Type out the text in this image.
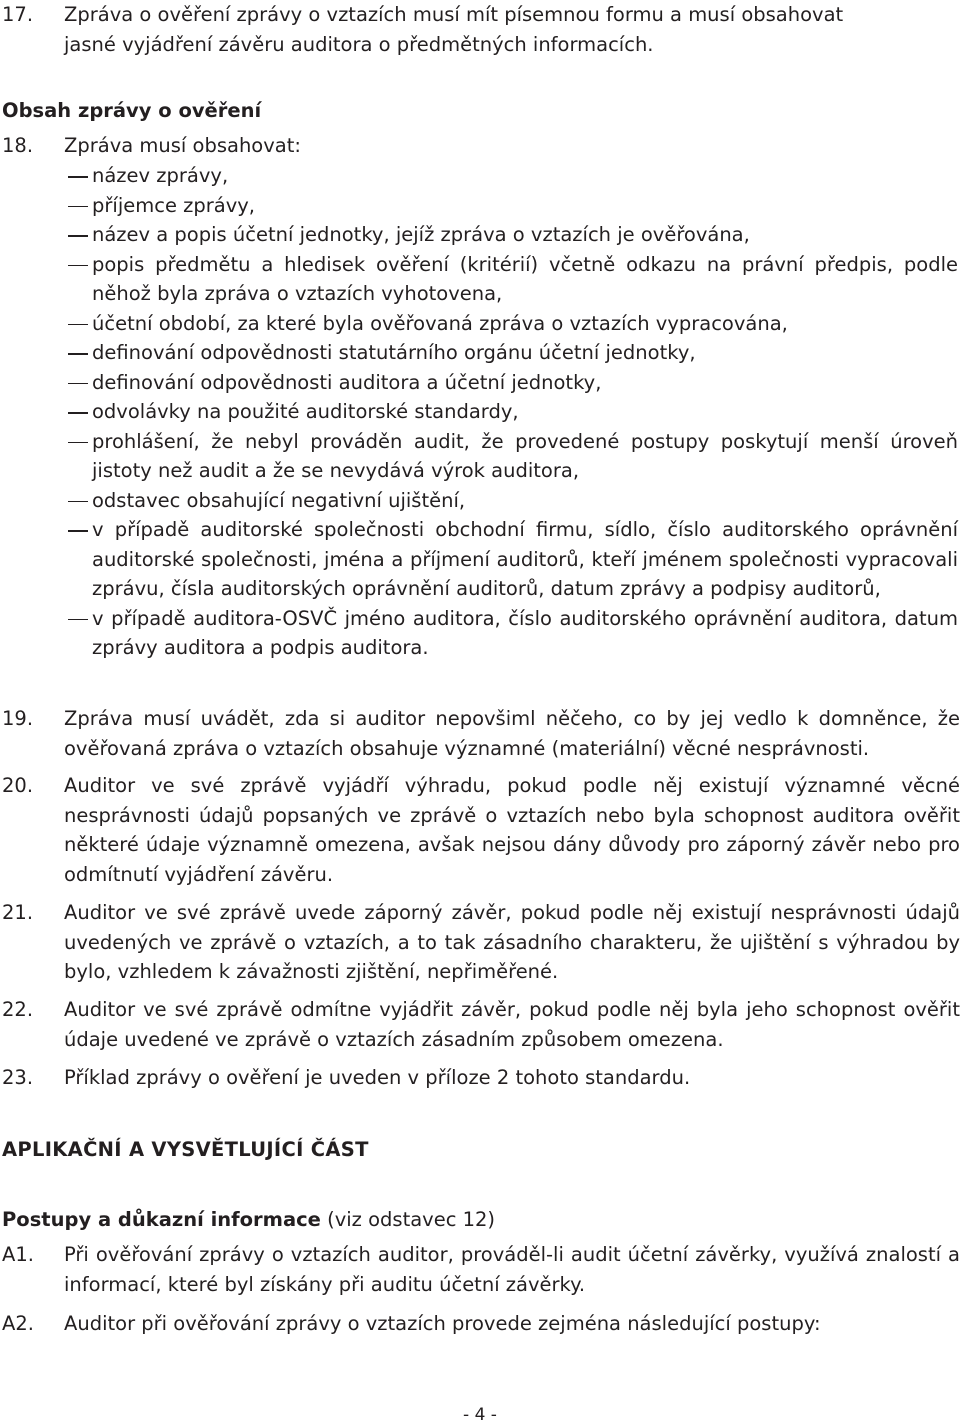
17.	Zpráva o ověření zprávy o vztazích musí mít písemnou formu a musí obsahovat
jasné vyjádření závěru auditora o předmětných informacích.
Obsah zprávy o ověření
18.	Zpráva musí obsahovat:
název zprávy,
příjemce zprávy,
název a popis účetní jednotky, jejíž zpráva o vztazích je ověřována,
popis předmětu a hledisek ověření (kritérií) včetně odkazu na právní předpis, podle něhož byla zpráva o vztazích vyhotovena,
účetní období, za které byla ověřovaná zpráva o vztazích vypracována,
definování odpovědnosti statutárního orgánu účetní jednotky,
definování odpovědnosti auditora a účetní jednotky,
odvolávky na použité auditorské standardy,
prohlášení, že nebyl prováděn audit, že provedené postupy poskytují menší úroveň jistoty než audit a že se nevydává výrok auditora,
odstavec obsahující negativní ujištění,
v případě auditorské společnosti obchodní firmu, sídlo, číslo auditorského oprávnění auditorské společnosti, jména a příjmení auditorů, kteří jménem společnosti vypracovali zprávu, čísla auditorských oprávnění auditorů, datum zprávy a podpisy auditorů,
v případě auditora-OSVČ jméno auditora, číslo auditorského oprávnění auditora, datum zprávy auditora a podpis auditora.
19.	Zpráva musí uvádět, zda si auditor nepovšiml něčeho, co by jej vedlo k domněnce, že ověřovaná zpráva o vztazích obsahuje významné (materiální) věcné nesprávnosti.
20.	Auditor ve své zprávě vyjádří výhradu, pokud podle něj existují významné věcné nesprávnosti údajů popsaných ve zprávě o vztazích nebo byla schopnost auditora ověřit některé údaje významně omezena, avšak nejsou dány důvody pro záporný závěr nebo pro odmítnutí vyjádření závěru.
21.	Auditor ve své zprávě uvede záporný závěr, pokud podle něj existují nesprávnosti údajů uvedených ve zprávě o vztazích, a to tak zásadního charakteru, že ujištění s výhradou by bylo, vzhledem k závažnosti zjištění, nepřiměřené.
22.	Auditor ve své zprávě odmítne vyjádřit závěr, pokud podle něj byla jeho schopnost ověřit údaje uvedené ve zprávě o vztazích zásadním způsobem omezena.
23.	Příklad zprávy o ověření je uveden v příloze 2 tohoto standardu.
APLIKAČNÍ A VYSVĚTLUJÍCÍ ČÁST
Postupy a důkazní informace (viz odstavec 12)
A1.	Při ověřování zprávy o vztazích auditor, prováděl-li audit účetní závěrky, využívá znalostí a informací, které byl získány při auditu účetní závěrky.
A2.	Auditor při ověřování zprávy o vztazích provede zejména následující postupy:
- 4 -
